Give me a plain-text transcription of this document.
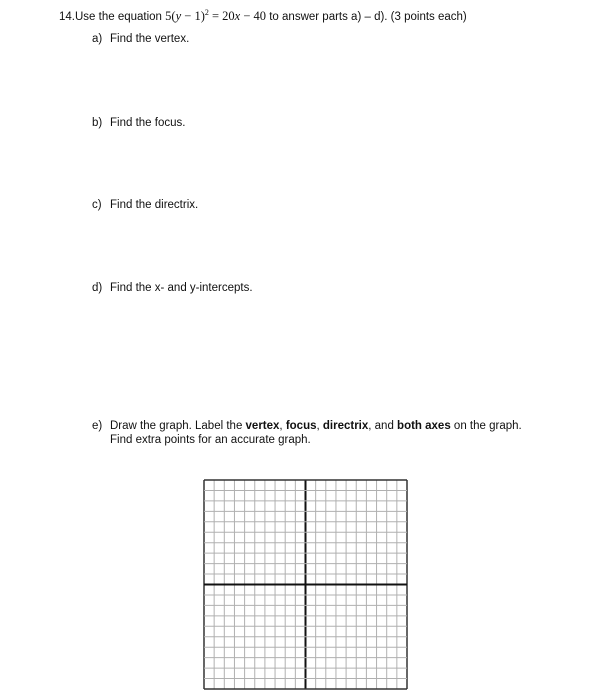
14.Use the equation $5(y - 1)^2 = 20x - 40$ to answer parts a) – d). (3 points each)
a) Find the vertex.
b) Find the focus.
c) Find the directrix.
d) Find the x- and y-intercepts.
e) Draw the graph. Label the vertex, focus, directrix, and both axes on the graph.
Find extra points for an accurate graph.
